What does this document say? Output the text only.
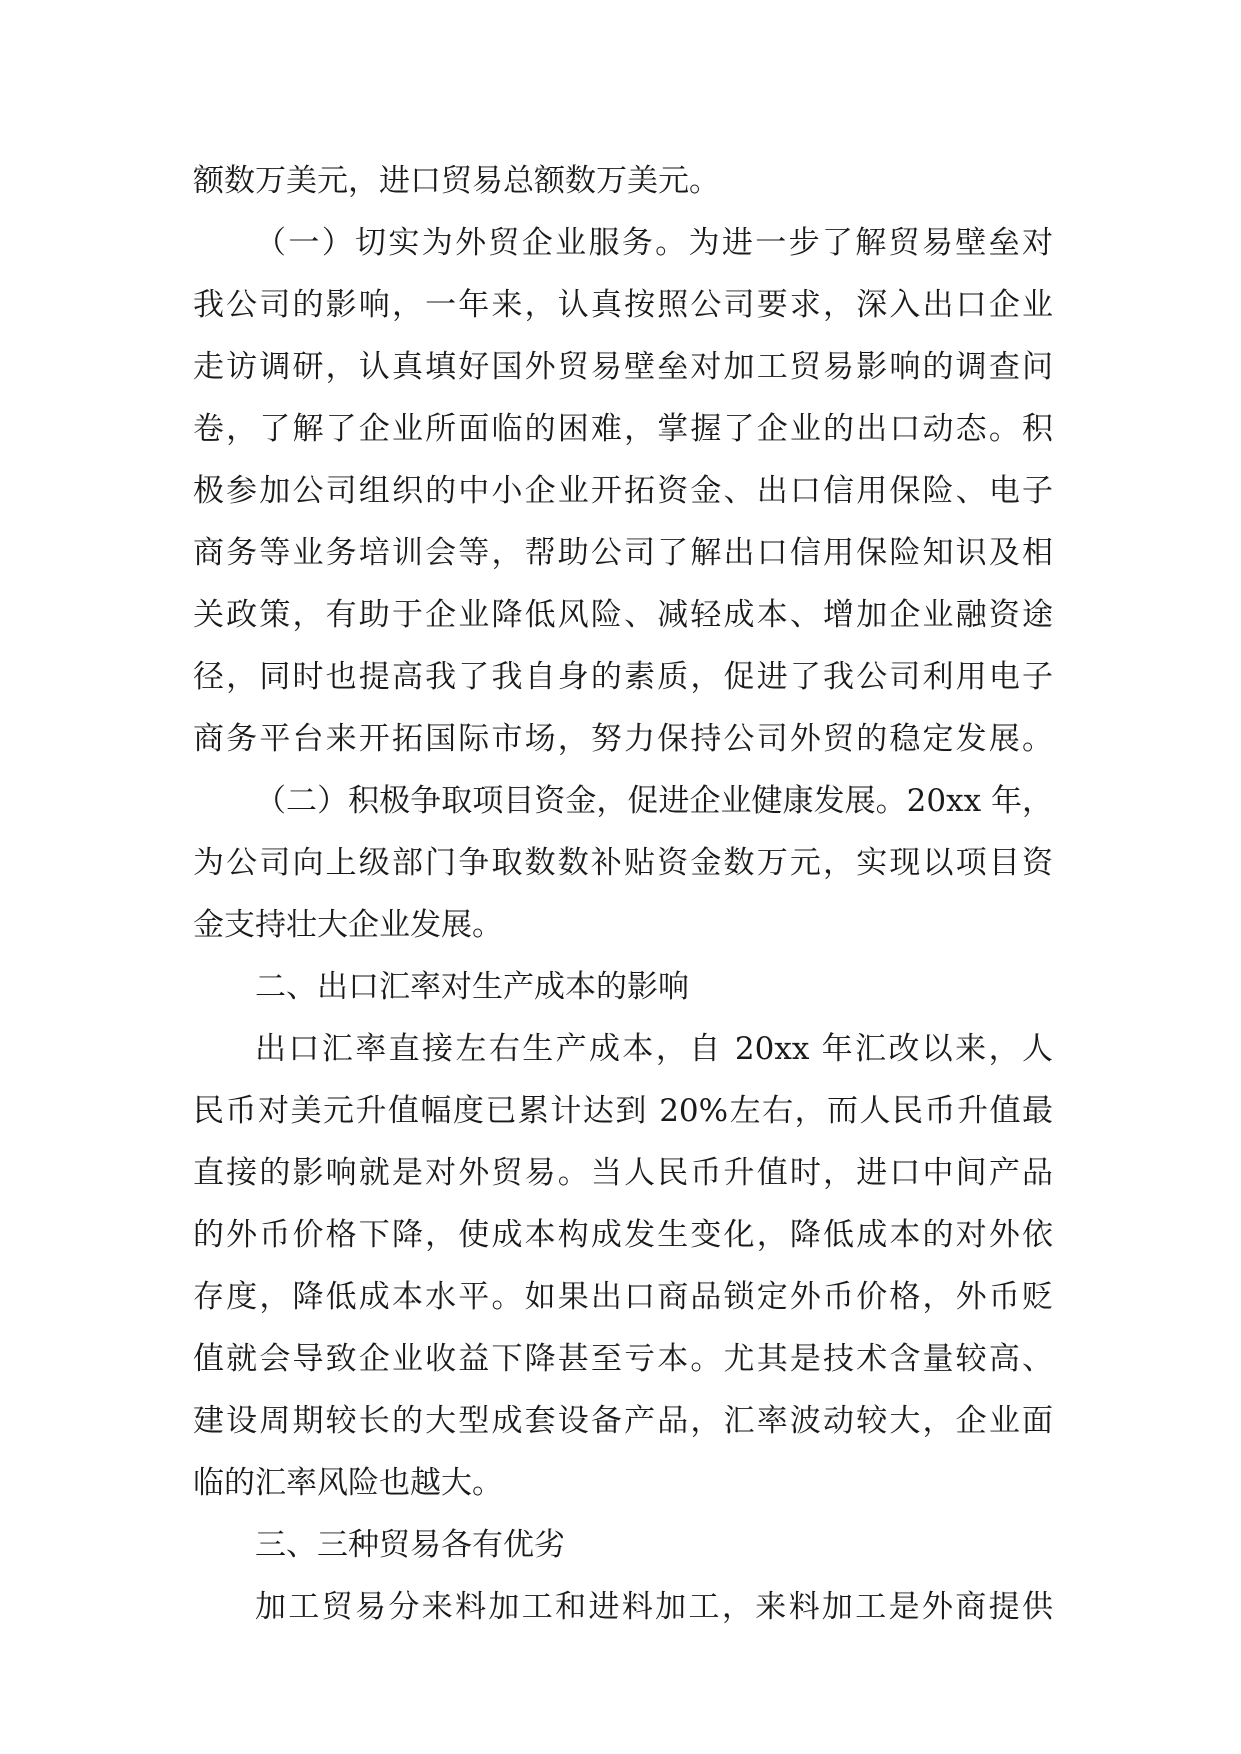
额数万美元，进口贸易总额数万美元。
（一）切实为外贸企业服务。为进一步了解贸易壁垒对
我公司的影响，一年来，认真按照公司要求，深入出口企业
走访调研，认真填好国外贸易壁垒对加工贸易影响的调查问
卷，了解了企业所面临的困难，掌握了企业的出口动态。积
极参加公司组织的中小企业开拓资金、出口信用保险、电子
商务等业务培训会等，帮助公司了解出口信用保险知识及相
关政策，有助于企业降低风险、减轻成本、增加企业融资途
径，同时也提高我了我自身的素质，促进了我公司利用电子
商务平台来开拓国际市场，努力保持公司外贸的稳定发展。
（二）积极争取项目资金，促进企业健康发展。20xx 年，
为公司向上级部门争取数数补贴资金数万元，实现以项目资
金支持壮大企业发展。
二、出口汇率对生产成本的影响
出口汇率直接左右生产成本，自 20xx 年汇改以来，人
民币对美元升值幅度已累计达到 20%左右，而人民币升值最
直接的影响就是对外贸易。当人民币升值时，进口中间产品
的外币价格下降，使成本构成发生变化，降低成本的对外依
存度，降低成本水平。如果出口商品锁定外币价格，外币贬
值就会导致企业收益下降甚至亏本。尤其是技术含量较高、
建设周期较长的大型成套设备产品，汇率波动较大，企业面
临的汇率风险也越大。
三、三种贸易各有优劣
加工贸易分来料加工和进料加工，来料加工是外商提供
